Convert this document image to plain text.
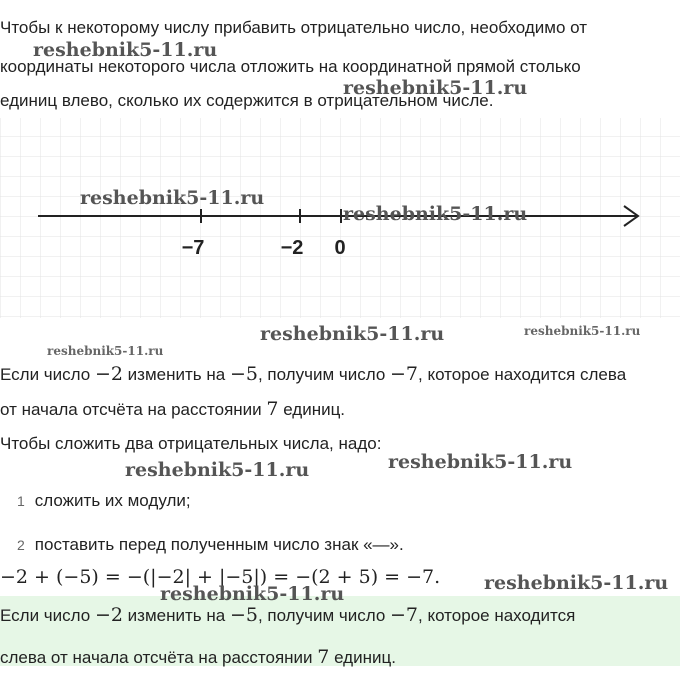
Чтобы к некоторому числу прибавить отрицательно число, необходимо от
координаты некоторого числа отложить на координатной прямой столько
единиц влево, сколько их содержится в отрицательном числе.
−7	−2 0
Если число −2 изменить на −5, получим число −7, которое находится слева
от начала отсчёта на расстоянии 7 единиц.
Чтобы сложить два отрицательных числа, надо:
1 сложить их модули;
2 поставить перед полученным число знак «—».
−2 + (−5) = −(|−2| + |−5|) = −(2 + 5) = −7.
Если число −2 изменить на −5, получим число −7, которое находится
слева от начала отсчёта на расстоянии 7 единиц.
reshebnik5-11.ru
reshebnik5-11.ru
reshebnik5-11.ru
reshebnik5-11.ru
reshebnik5-11.ru	reshebnik5-11.ru
reshebnik5-11.ru
reshebnik5-11.ru	reshebnik5-11.ru
reshebnik5-11.ru
reshebnik5-11.ru
